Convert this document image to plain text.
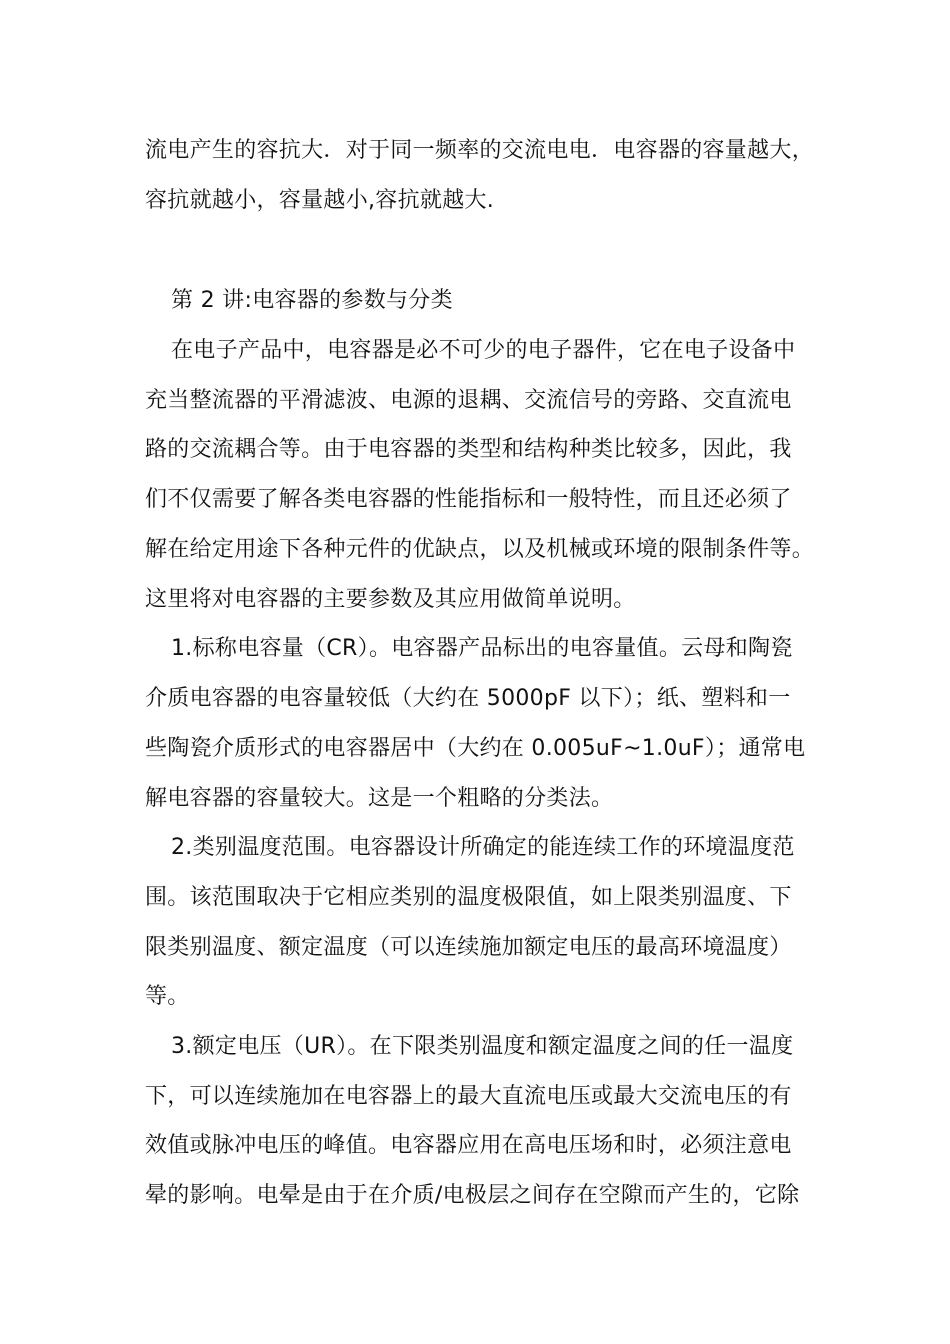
流电产生的容抗大．对于同一频率的交流电电．电容器的容量越大，
容抗就越小，容量越小,容抗就越大.
第 2 讲:电容器的参数与分类
在电子产品中，电容器是必不可少的电子器件，它在电子设备中
充当整流器的平滑滤波、电源的退耦、交流信号的旁路、交直流电
路的交流耦合等。由于电容器的类型和结构种类比较多，因此，我
们不仅需要了解各类电容器的性能指标和一般特性，而且还必须了
解在给定用途下各种元件的优缺点，以及机械或环境的限制条件等。
这里将对电容器的主要参数及其应用做简单说明。
1.标称电容量（CR）。电容器产品标出的电容量值。云母和陶瓷
介质电容器的电容量较低（大约在 5000pF 以下）；纸、塑料和一
些陶瓷介质形式的电容器居中（大约在 0.005uF~1.0uF）；通常电
解电容器的容量较大。这是一个粗略的分类法。
2.类别温度范围。电容器设计所确定的能连续工作的环境温度范
围。该范围取决于它相应类别的温度极限值，如上限类别温度、下
限类别温度、额定温度（可以连续施加额定电压的最高环境温度）
等。
3.额定电压（UR）。在下限类别温度和额定温度之间的任一温度
下，可以连续施加在电容器上的最大直流电压或最大交流电压的有
效值或脉冲电压的峰值。电容器应用在高电压场和时，必须注意电
晕的影响。电晕是由于在介质/电极层之间存在空隙而产生的，它除
